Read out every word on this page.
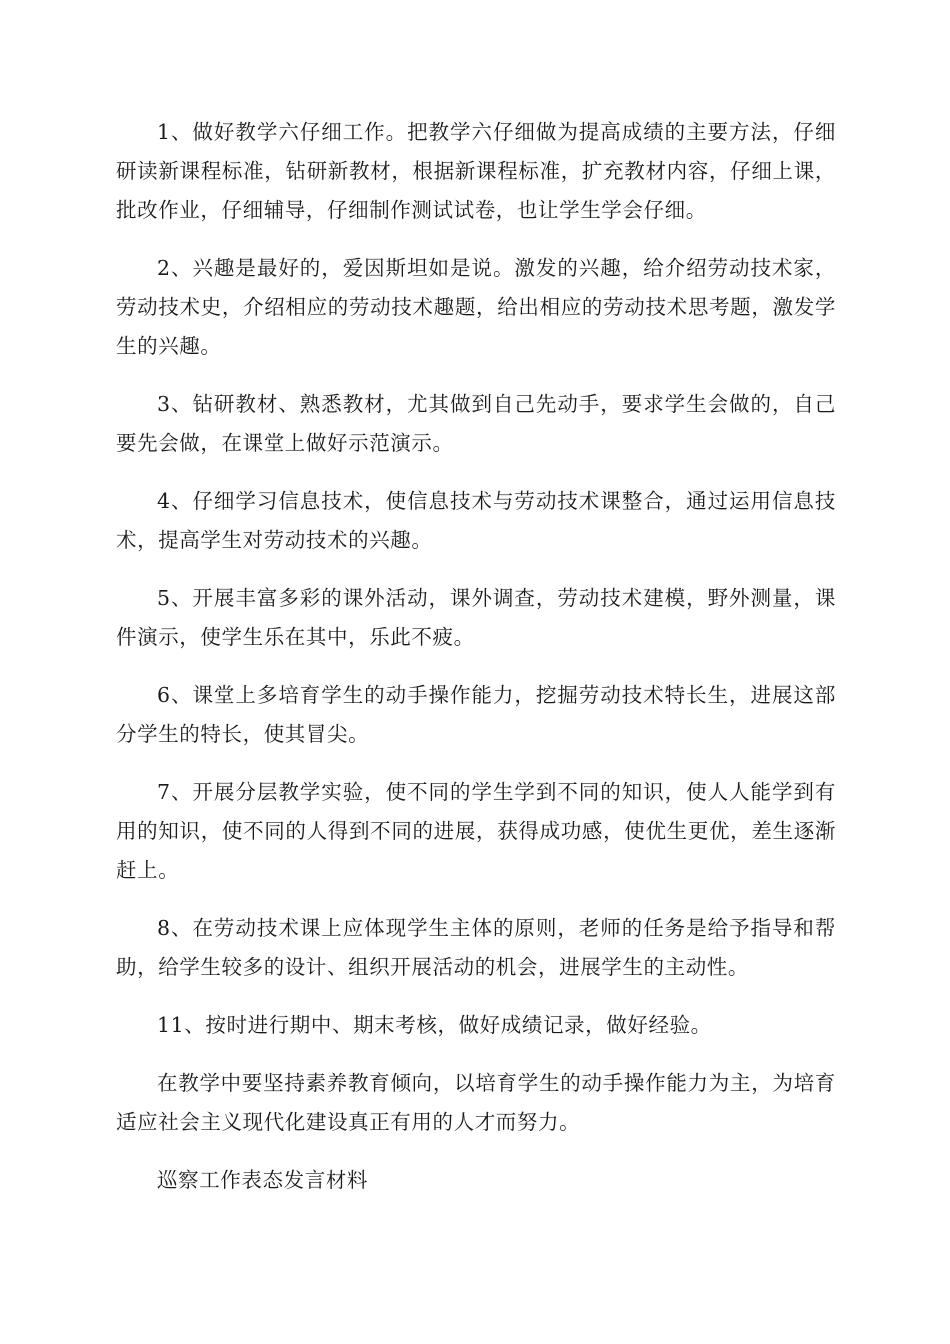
1、做好教学六仔细工作。把教学六仔细做为提高成绩的主要方法，仔细研读新课程标准，钻研新教材，根据新课程标准，扩充教材内容，仔细上课，批改作业，仔细辅导，仔细制作测试试卷，也让学生学会仔细。

2、兴趣是最好的，爱因斯坦如是说。激发的兴趣，给介绍劳动技术家，劳动技术史，介绍相应的劳动技术趣题，给出相应的劳动技术思考题，激发学生的兴趣。

3、钻研教材、熟悉教材，尤其做到自己先动手，要求学生会做的，自己要先会做，在课堂上做好示范演示。

4、仔细学习信息技术，使信息技术与劳动技术课整合，通过运用信息技术，提高学生对劳动技术的兴趣。

5、开展丰富多彩的课外活动，课外调查，劳动技术建模，野外测量，课件演示，使学生乐在其中，乐此不疲。

6、课堂上多培育学生的动手操作能力，挖掘劳动技术特长生，进展这部分学生的特长，使其冒尖。

7、开展分层教学实验，使不同的学生学到不同的知识，使人人能学到有用的知识，使不同的人得到不同的进展，获得成功感，使优生更优，差生逐渐赶上。

8、在劳动技术课上应体现学生主体的原则，老师的任务是给予指导和帮助，给学生较多的设计、组织开展活动的机会，进展学生的主动性。

11、按时进行期中、期末考核，做好成绩记录，做好经验。

在教学中要坚持素养教育倾向，以培育学生的动手操作能力为主，为培育适应社会主义现代化建设真正有用的人才而努力。

巡察工作表态发言材料
